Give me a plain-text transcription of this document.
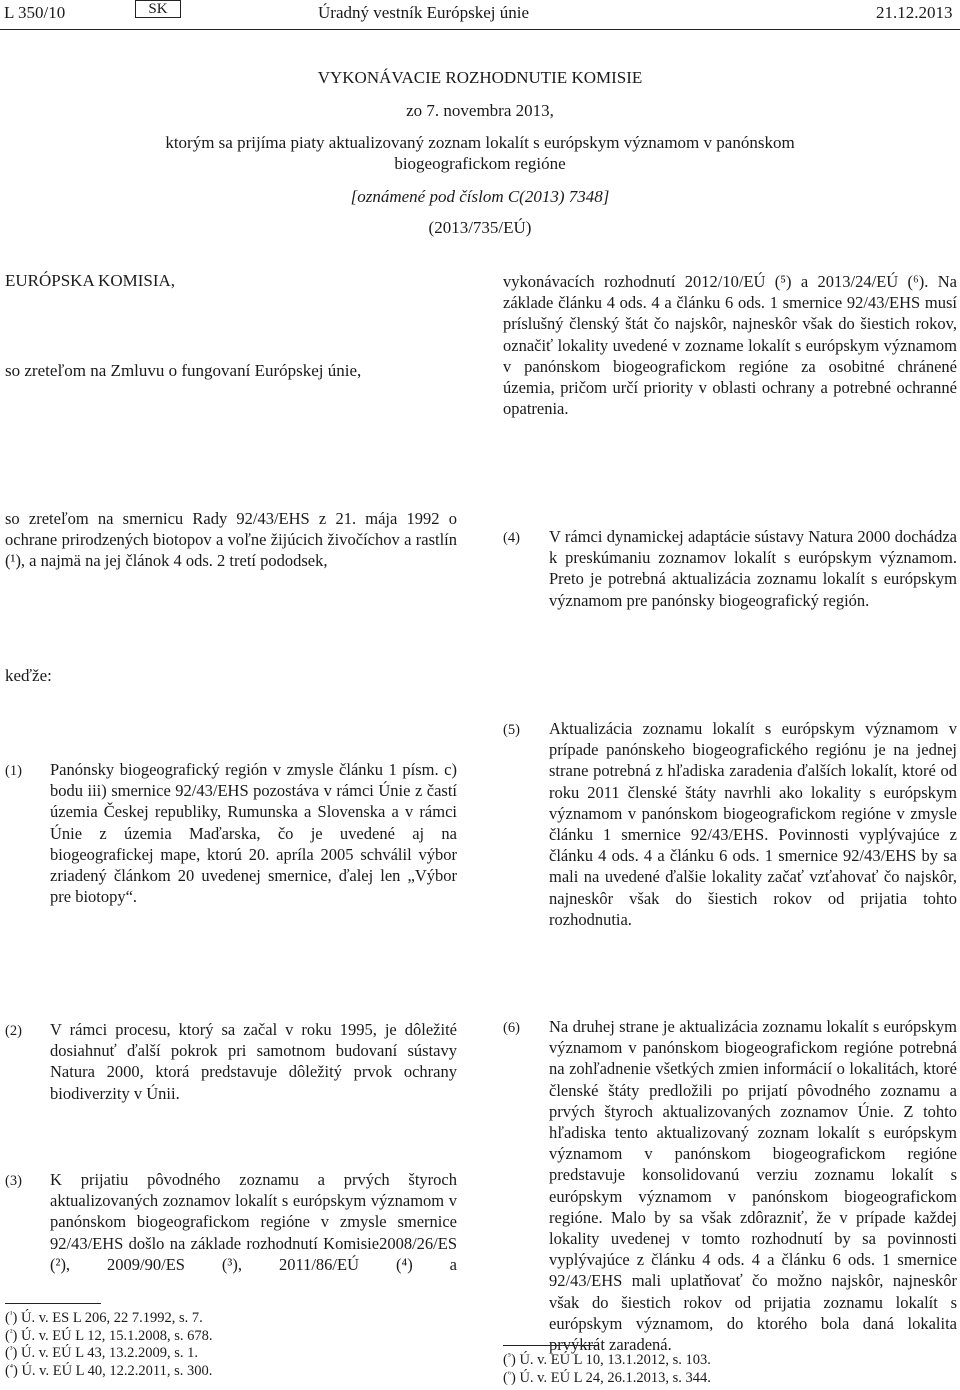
L 350/10	SK	Úradný vestník Európskej únie	21.12.2013
VYKONÁVACIE ROZHODNUTIE KOMISIE
zo 7. novembra 2013,
ktorým sa prijíma piaty aktualizovaný zoznam lokalít s európskym významom v panónskom
biogeografickom regióne
[oznámené pod číslom C(2013) 7348]
(2013/735/EÚ)
EURÓPSKA KOMISIA,
so zreteľom na Zmluvu o fungovaní Európskej únie,
so zreteľom na smernicu Rady 92/43/EHS z 21. mája 1992 o ochrane prirodzených biotopov a voľne žijúcich živočíchov a rastlín (¹), a najmä na jej článok 4 ods. 2 tretí pododsek,
keďže:
vykonávacích rozhodnutí 2012/10/EÚ (⁵) a 2013/24/EÚ (⁶). Na základe článku 4 ods. 4 a článku 6 ods. 1 smernice 92/43/EHS musí príslušný členský štát čo najskôr, najneskôr však do šiestich rokov, označiť lokality uvedené v zozname lokalít s európskym významom v panónskom biogeografickom regióne za osobitné chránené územia, pričom určí priority v oblasti ochrany a potrebné ochranné opatrenia.
(1) Panónsky biogeografický región v zmysle článku 1 písm. c) bodu iii) smernice 92/43/EHS pozostáva v rámci Únie z častí územia Českej republiky, Rumunska a Slovenska a v rámci Únie z územia Maďarska, čo je uvedené aj na biogeografickej mape, ktorú 20. apríla 2005 schválil výbor zriadený článkom 20 uvedenej smernice, ďalej len „Výbor pre biotopy“.
(2) V rámci procesu, ktorý sa začal v roku 1995, je dôležité dosiahnuť ďalší pokrok pri samotnom budovaní sústavy Natura 2000, ktorá predstavuje dôležitý prvok ochrany biodiverzity v Únii.
(3) K prijatiu pôvodného zoznamu a prvých štyroch aktualizovaných zoznamov lokalít s európskym významom v panónskom biogeografickom regióne v zmysle smernice 92/43/EHS došlo na základe rozhodnutí Komisie2008/26/ES (²), 2009/90/ES (³), 2011/86/EÚ (⁴) a
(4) V rámci dynamickej adaptácie sústavy Natura 2000 dochádza k preskúmaniu zoznamov lokalít s európskym významom. Preto je potrebná aktualizácia zoznamu lokalít s európskym významom pre panónsky biogeografický región.
(5) Aktualizácia zoznamu lokalít s európskym významom v prípade panónskeho biogeografického regiónu je na jednej strane potrebná z hľadiska zaradenia ďalších lokalít, ktoré od roku 2011 členské štáty navrhli ako lokality s európskym významom v panónskom biogeografickom regióne v zmysle článku 1 smernice 92/43/EHS. Povinnosti vyplývajúce z článku 4 ods. 4 a článku 6 ods. 1 smernice 92/43/EHS by sa mali na uvedené ďalšie lokality začať vzťahovať čo najskôr, najneskôr však do šiestich rokov od prijatia tohto rozhodnutia.
(6) Na druhej strane je aktualizácia zoznamu lokalít s európskym významom v panónskom biogeografickom regióne potrebná na zohľadnenie všetkých zmien informácií o lokalitách, ktoré členské štáty predložili po prijatí pôvodného zoznamu a prvých štyroch aktualizovaných zoznamov Únie. Z tohto hľadiska tento aktualizovaný zoznam lokalít s európskym významom v panónskom biogeografickom regióne predstavuje konsolidovanú verziu zoznamu lokalít s európskym významom v panónskom biogeografickom regióne. Malo by sa však zdôrazniť, že v prípade každej lokality uvedenej v tomto rozhodnutí by sa povinnosti vyplývajúce z článku 4 ods. 4 a článku 6 ods. 1 smernice 92/43/EHS mali uplatňovať čo možno najskôr, najneskôr však do šiestich rokov od prijatia zoznamu lokalít s európskym významom, do ktorého bola daná lokalita prvýkrát zaradená.
($^{^1}$) Ú. v. ES L 206, 22 7.1992, s. 7.
($^{^2}$) Ú. v. EÚ L 12, 15.1.2008, s. 678.
($^{^3}$) Ú. v. EÚ L 43, 13.2.2009, s. 1.
($^{^4}$) Ú. v. EÚ L 40, 12.2.2011, s. 300.
($^{^5}$) Ú. v. EÚ L 10, 13.1.2012, s. 103.
($^{^6}$) Ú. v. EÚ L 24, 26.1.2013, s. 344.
